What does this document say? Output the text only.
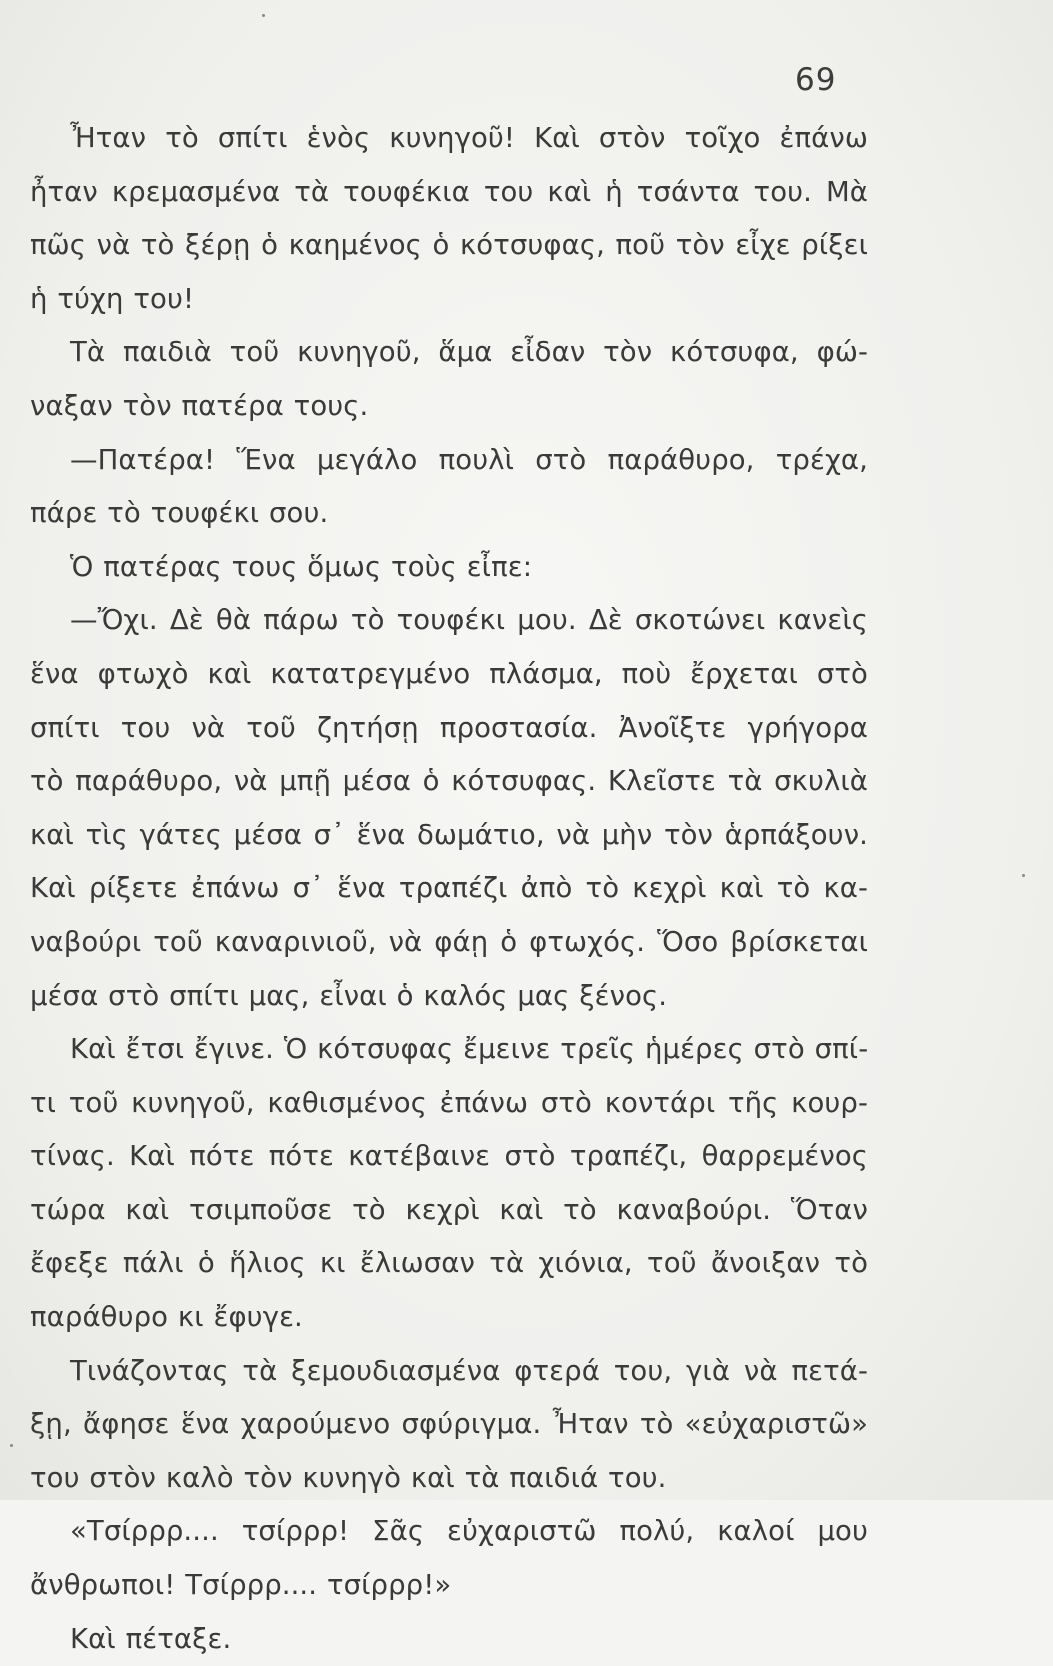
69
Ἦταν τὸ σπίτι ἑνὸς κυνηγοῦ! Καὶ στὸν τοῖχο ἐπάνω
ἦταν κρεμασμένα τὰ τουφέκια του καὶ ἡ τσάντα του. Μὰ
πῶς νὰ τὸ ξέρῃ ὁ καημένος ὁ κότσυφας, ποῦ τὸν εἶχε ρίξει
ἡ τύχη του!
Τὰ παιδιὰ τοῦ κυνηγοῦ, ἅμα εἶδαν τὸν κότσυφα, φώ-
ναξαν τὸν πατέρα τους.
—Πατέρα! Ἕνα μεγάλο πουλὶ στὸ παράθυρο, τρέχα,
πάρε τὸ τουφέκι σου.
Ὁ πατέρας τους ὅμως τοὺς εἶπε:
—Ὄχι. Δὲ θὰ πάρω τὸ τουφέκι μου. Δὲ σκοτώνει κανεὶς
ἕνα φτωχὸ καὶ κατατρεγμένο πλάσμα, ποὺ ἔρχεται στὸ
σπίτι του νὰ τοῦ ζητήσῃ προστασία. Ἀνοῖξτε γρήγορα
τὸ παράθυρο, νὰ μπῇ μέσα ὁ κότσυφας. Κλεῖστε τὰ σκυλιὰ
καὶ τὶς γάτες μέσα σ᾽ ἕνα δωμάτιο, νὰ μὴν τὸν ἁρπάξουν.
Καὶ ρίξετε ἐπάνω σ᾽ ἕνα τραπέζι ἀπὸ τὸ κεχρὶ καὶ τὸ κα-
ναβούρι τοῦ καναρινιοῦ, νὰ φάῃ ὁ φτωχός. Ὅσο βρίσκεται
μέσα στὸ σπίτι μας, εἶναι ὁ καλός μας ξένος.
Καὶ ἔτσι ἔγινε. Ὁ κότσυφας ἔμεινε τρεῖς ἡμέρες στὸ σπί-
τι τοῦ κυνηγοῦ, καθισμένος ἐπάνω στὸ κοντάρι τῆς κουρ-
τίνας. Καὶ πότε πότε κατέβαινε στὸ τραπέζι, θαρρεμένος
τώρα καὶ τσιμποῦσε τὸ κεχρὶ καὶ τὸ καναβούρι. Ὅταν
ἔφεξε πάλι ὁ ἥλιος κι ἔλιωσαν τὰ χιόνια, τοῦ ἄνοιξαν τὸ
παράθυρο κι ἔφυγε.
Τινάζοντας τὰ ξεμουδιασμένα φτερά του, γιὰ νὰ πετά-
ξῃ, ἄφησε ἕνα χαρούμενο σφύριγμα. Ἦταν τὸ «εὐχαριστῶ»
του στὸν καλὸ τὸν κυνηγὸ καὶ τὰ παιδιά του.
«Τσίρρρ.... τσίρρρ! Σᾶς εὐχαριστῶ πολύ, καλοί μου
ἄνθρωποι! Τσίρρρ.... τσίρρρ!»
Καὶ πέταξε.
